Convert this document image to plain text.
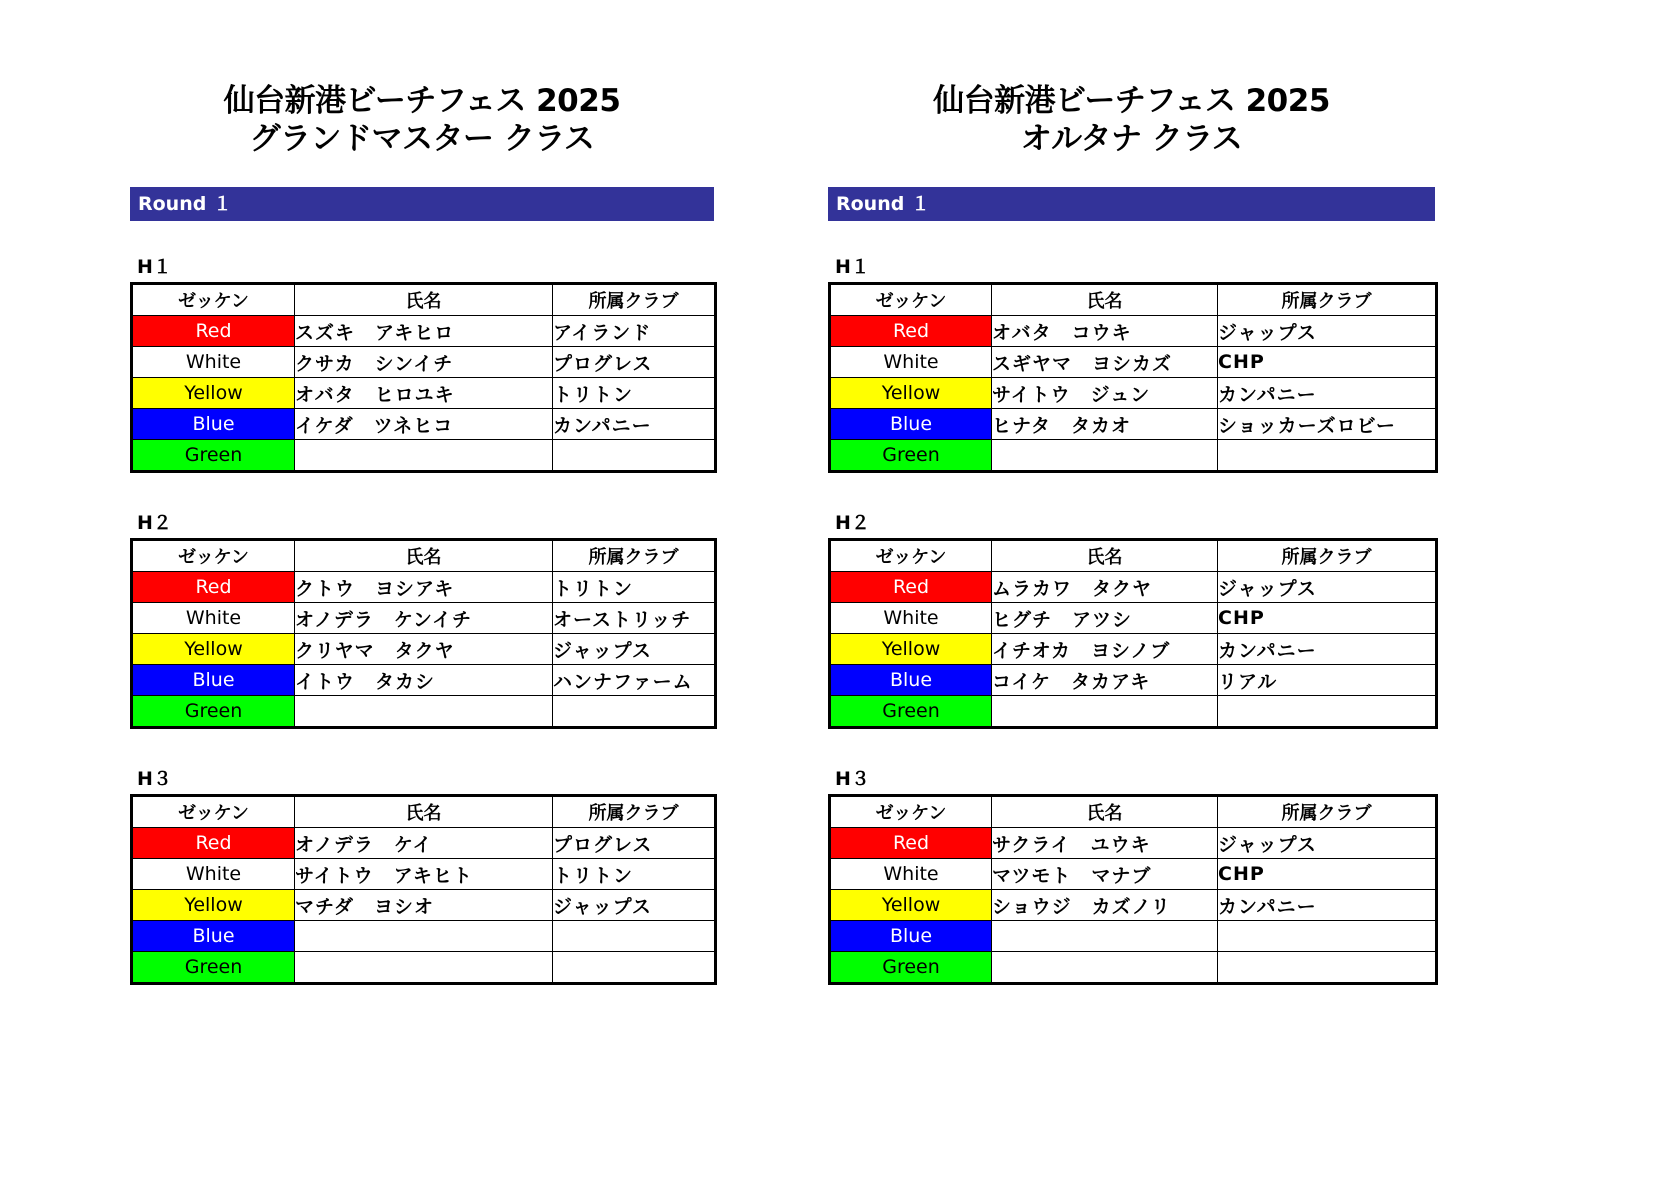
仙台新港ビーチフェス 2025
グランドマスター クラス
Round １
H１
ゼッケン	氏名	所属クラブ
Red	スズキ　アキヒロ	アイランド
White	クサカ　シンイチ	プログレス
Yellow	オバタ　ヒロユキ	トリトン
Blue	イケダ　ツネヒコ	カンパニー
Green		
H２
ゼッケン	氏名	所属クラブ
Red	クトウ　ヨシアキ	トリトン
White	オノデラ　ケンイチ	オーストリッチ
Yellow	クリヤマ　タクヤ	ジャップス
Blue	イトウ　タカシ	ハンナファーム
Green		
H３
ゼッケン	氏名	所属クラブ
Red	オノデラ　ケイ	プログレス
White	サイトウ　アキヒト	トリトン
Yellow	マチダ　ヨシオ	ジャップス
Blue		
Green		
仙台新港ビーチフェス 2025
オルタナ クラス
Round １
H１
ゼッケン	氏名	所属クラブ
Red	オバタ　コウキ	ジャップス
White	スギヤマ　ヨシカズ	CHP
Yellow	サイトウ　ジュン	カンパニー
Blue	ヒナタ　タカオ	ショッカーズロビー
Green		
H２
ゼッケン	氏名	所属クラブ
Red	ムラカワ　タクヤ	ジャップス
White	ヒグチ　アツシ	CHP
Yellow	イチオカ　ヨシノブ	カンパニー
Blue	コイケ　タカアキ	リアル
Green		
H３
ゼッケン	氏名	所属クラブ
Red	サクライ　ユウキ	ジャップス
White	マツモト　マナブ	CHP
Yellow	ショウジ　カズノリ	カンパニー
Blue		
Green		
